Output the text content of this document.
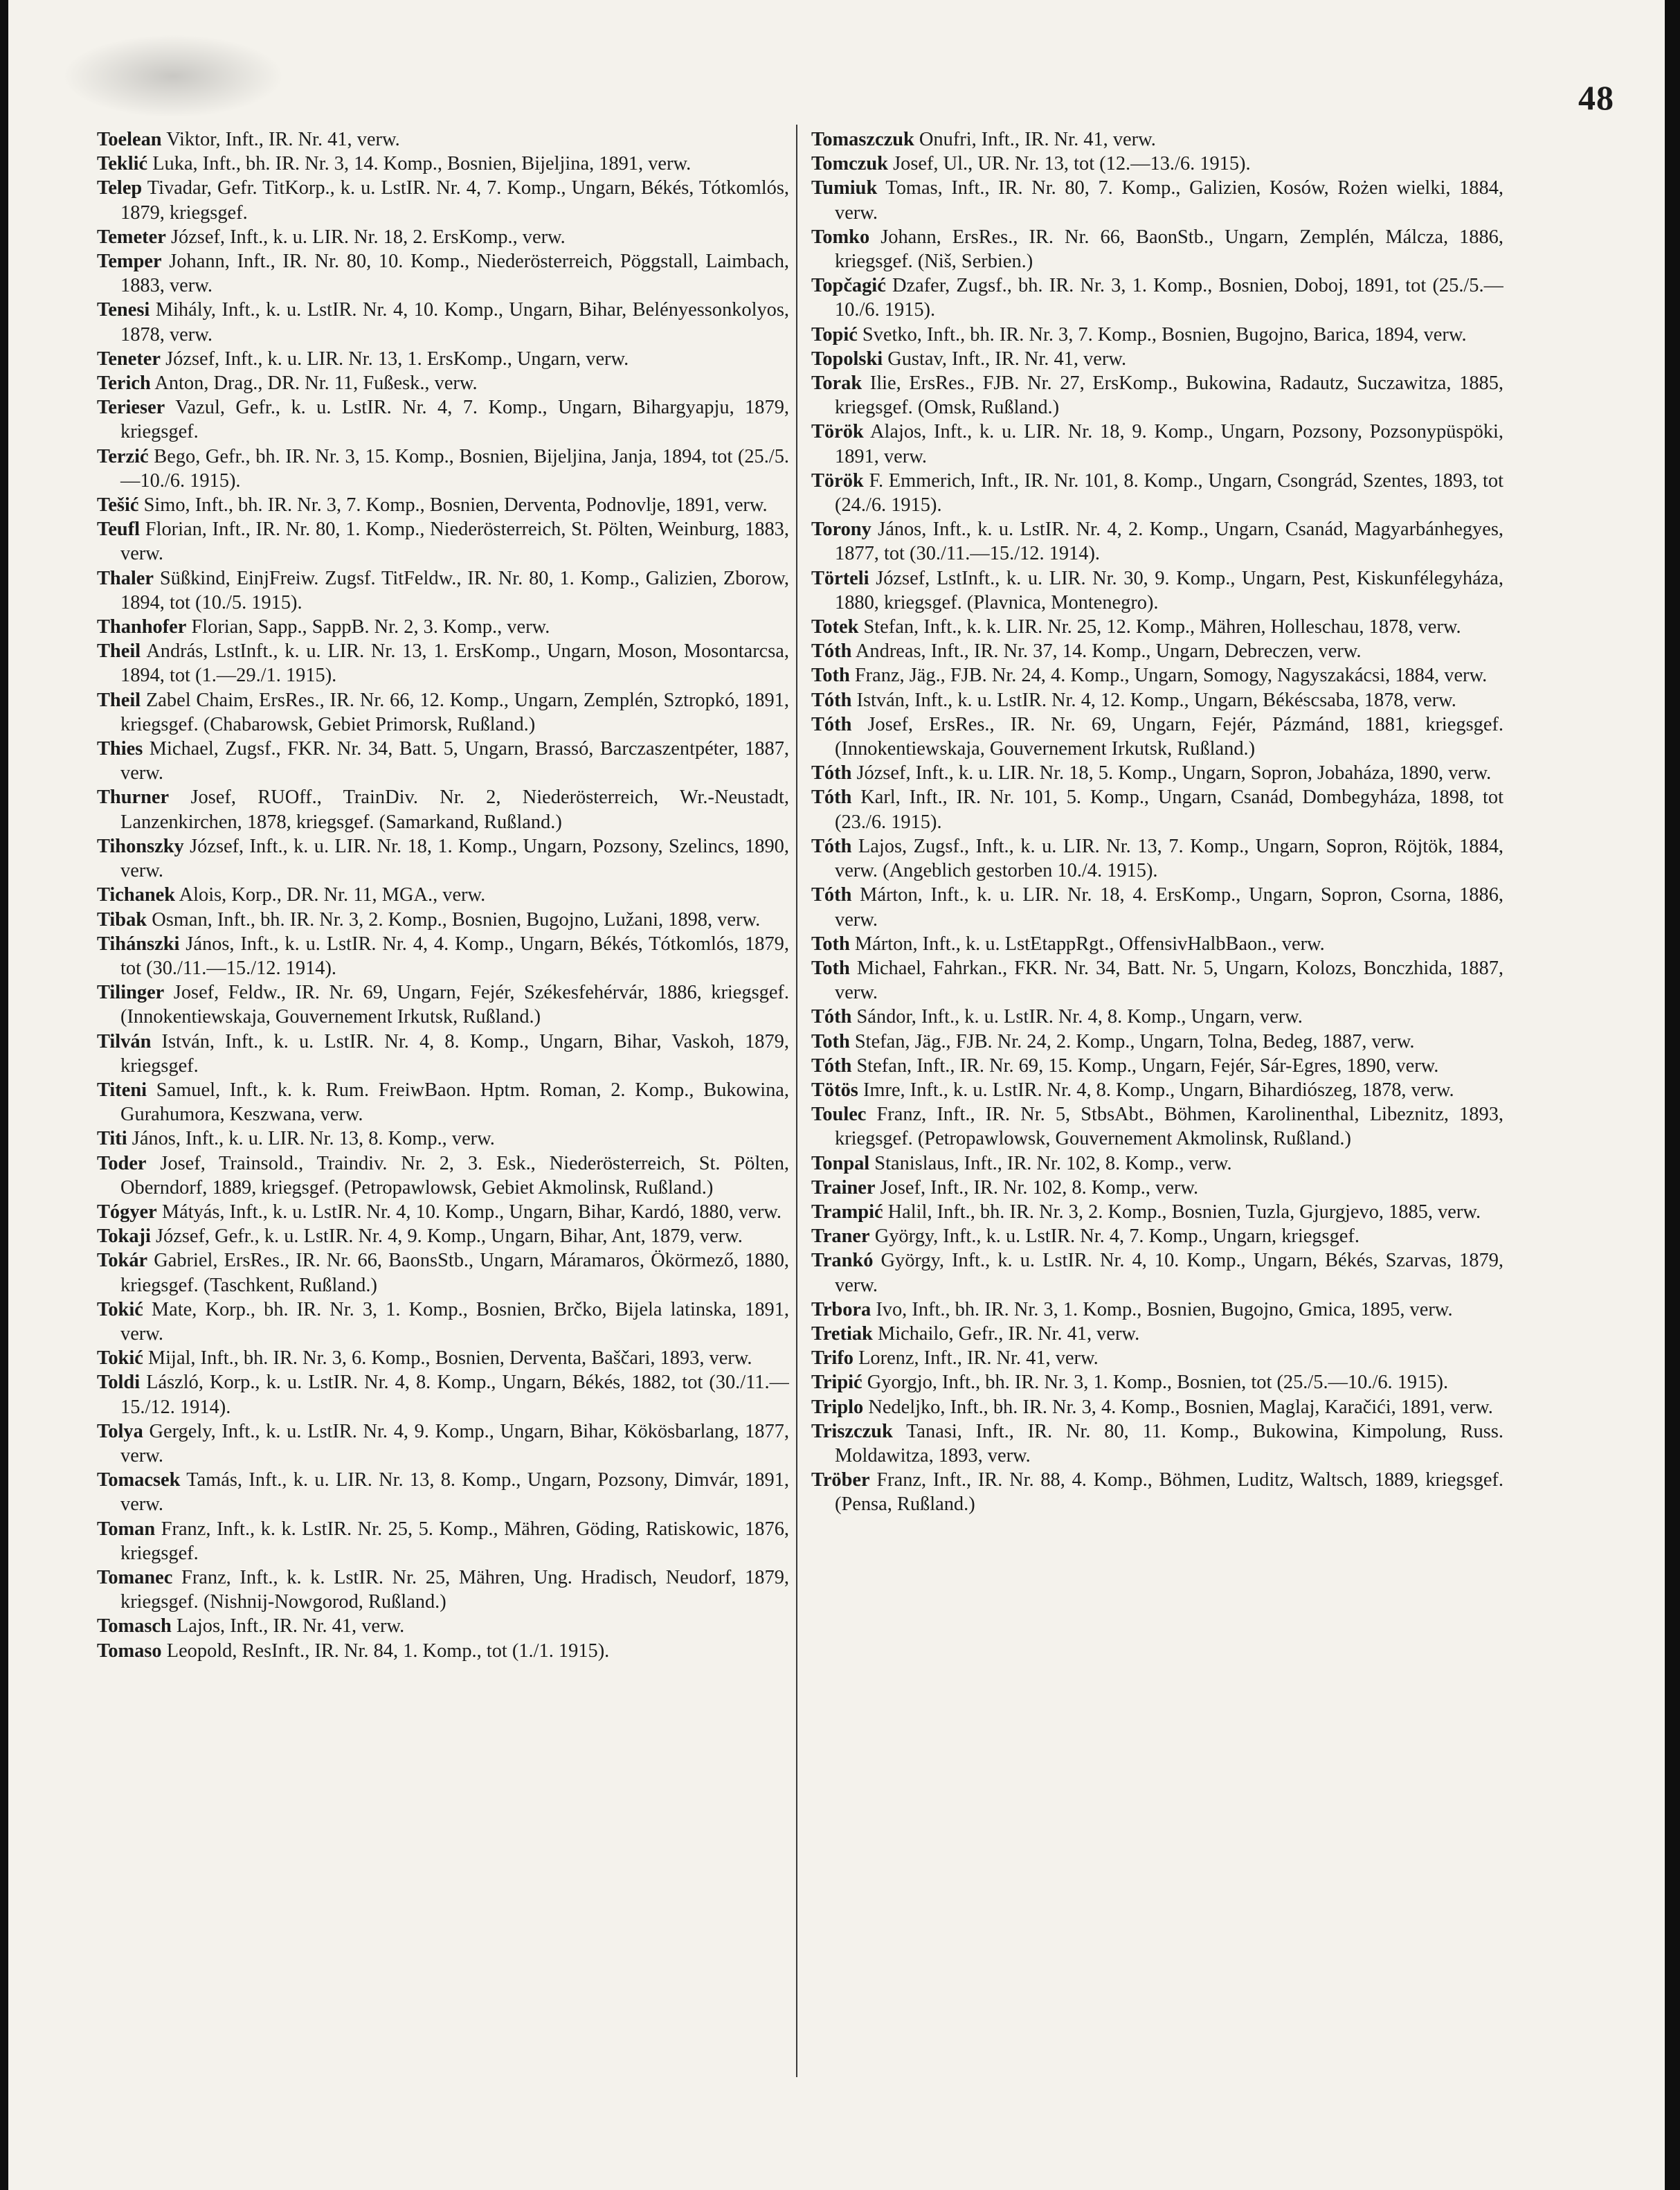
48

Toelean Viktor, Inft., IR. Nr. 41, verw.

Teklić Luka, Inft., bh. IR. Nr. 3, 14. Komp., Bosnien, Bijeljina, 1891, verw.

Telep Tivadar, Gefr. TitKorp., k. u. LstIR. Nr. 4, 7. Komp., Ungarn, Békés, Tótkomlós, 1879, kriegsgef.

Temeter József, Inft., k. u. LIR. Nr. 18, 2. ErsKomp., verw.

Temper Johann, Inft., IR. Nr. 80, 10. Komp., Niederösterreich, Pöggstall, Laimbach, 1883, verw.

Tenesi Mihály, Inft., k. u. LstIR. Nr. 4, 10. Komp., Ungarn, Bihar, Belényessonkolyos, 1878, verw.

Teneter József, Inft., k. u. LIR. Nr. 13, 1. ErsKomp., Ungarn, verw.

Terich Anton, Drag., DR. Nr. 11, Fußesk., verw.

Terieser Vazul, Gefr., k. u. LstIR. Nr. 4, 7. Komp., Ungarn, Bihargyapju, 1879, kriegsgef.

Terzić Bego, Gefr., bh. IR. Nr. 3, 15. Komp., Bosnien, Bijeljina, Janja, 1894, tot (25./5.—10./6. 1915).

Tešić Simo, Inft., bh. IR. Nr. 3, 7. Komp., Bosnien, Derventa, Podnovlje, 1891, verw.

Teufl Florian, Inft., IR. Nr. 80, 1. Komp., Niederösterreich, St. Pölten, Weinburg, 1883, verw.

Thaler Süßkind, EinjFreiw. Zugsf. TitFeldw., IR. Nr. 80, 1. Komp., Galizien, Zborow, 1894, tot (10./5. 1915).

Thanhofer Florian, Sapp., SappB. Nr. 2, 3. Komp., verw.

Theil András, LstInft., k. u. LIR. Nr. 13, 1. ErsKomp., Ungarn, Moson, Mosontarcsa, 1894, tot (1.—29./1. 1915).

Theil Zabel Chaim, ErsRes., IR. Nr. 66, 12. Komp., Ungarn, Zemplén, Sztropkó, 1891, kriegsgef. (Chabarowsk, Gebiet Primorsk, Rußland.)

Thies Michael, Zugsf., FKR. Nr. 34, Batt. 5, Ungarn, Brassó, Barczaszentpéter, 1887, verw.

Thurner Josef, RUOff., TrainDiv. Nr. 2, Niederösterreich, Wr.-Neustadt, Lanzenkirchen, 1878, kriegsgef. (Samarkand, Rußland.)

Tihonszky József, Inft., k. u. LIR. Nr. 18, 1. Komp., Ungarn, Pozsony, Szelincs, 1890, verw.

Tichanek Alois, Korp., DR. Nr. 11, MGA., verw.

Tibak Osman, Inft., bh. IR. Nr. 3, 2. Komp., Bosnien, Bugojno, Lužani, 1898, verw.

Tihánszki János, Inft., k. u. LstIR. Nr. 4, 4. Komp., Ungarn, Békés, Tótkomlós, 1879, tot (30./11.—15./12. 1914).

Tilinger Josef, Feldw., IR. Nr. 69, Ungarn, Fejér, Székesfehérvár, 1886, kriegsgef. (Innokentiewskaja, Gouvernement Irkutsk, Rußland.)

Tilván István, Inft., k. u. LstIR. Nr. 4, 8. Komp., Ungarn, Bihar, Vaskoh, 1879, kriegsgef.

Titeni Samuel, Inft., k. k. Rum. FreiwBaon. Hptm. Roman, 2. Komp., Bukowina, Gurahumora, Keszwana, verw.

Titi János, Inft., k. u. LIR. Nr. 13, 8. Komp., verw.

Toder Josef, Trainsold., Traindiv. Nr. 2, 3. Esk., Niederösterreich, St. Pölten, Oberndorf, 1889, kriegsgef. (Petropawlowsk, Gebiet Akmolinsk, Rußland.)

Tógyer Mátyás, Inft., k. u. LstIR. Nr. 4, 10. Komp., Ungarn, Bihar, Kardó, 1880, verw.

Tokaji József, Gefr., k. u. LstIR. Nr. 4, 9. Komp., Ungarn, Bihar, Ant, 1879, verw.

Tokár Gabriel, ErsRes., IR. Nr. 66, BaonsStb., Ungarn, Máramaros, Ökörmező, 1880, kriegsgef. (Taschkent, Rußland.)

Tokić Mate, Korp., bh. IR. Nr. 3, 1. Komp., Bosnien, Brčko, Bijela latinska, 1891, verw.

Tokić Mijal, Inft., bh. IR. Nr. 3, 6. Komp., Bosnien, Derventa, Baščari, 1893, verw.

Toldi László, Korp., k. u. LstIR. Nr. 4, 8. Komp., Ungarn, Békés, 1882, tot (30./11.—15./12. 1914).

Tolya Gergely, Inft., k. u. LstIR. Nr. 4, 9. Komp., Ungarn, Bihar, Kökösbarlang, 1877, verw.

Tomacsek Tamás, Inft., k. u. LIR. Nr. 13, 8. Komp., Ungarn, Pozsony, Dimvár, 1891, verw.

Toman Franz, Inft., k. k. LstIR. Nr. 25, 5. Komp., Mähren, Göding, Ratiskowic, 1876, kriegsgef.

Tomanec Franz, Inft., k. k. LstIR. Nr. 25, Mähren, Ung. Hradisch, Neudorf, 1879, kriegsgef. (Nishnij-Nowgorod, Rußland.)

Tomasch Lajos, Inft., IR. Nr. 41, verw.

Tomaso Leopold, ResInft., IR. Nr. 84, 1. Komp., tot (1./1. 1915).

Tomaszczuk Onufri, Inft., IR. Nr. 41, verw.

Tomczuk Josef, Ul., UR. Nr. 13, tot (12.—13./6. 1915).

Tumiuk Tomas, Inft., IR. Nr. 80, 7. Komp., Galizien, Kosów, Rożen wielki, 1884, verw.

Tomko Johann, ErsRes., IR. Nr. 66, BaonStb., Ungarn, Zemplén, Málcza, 1886, kriegsgef. (Niš, Serbien.)

Topčagić Dzafer, Zugsf., bh. IR. Nr. 3, 1. Komp., Bosnien, Doboj, 1891, tot (25./5.—10./6. 1915).

Topić Svetko, Inft., bh. IR. Nr. 3, 7. Komp., Bosnien, Bugojno, Barica, 1894, verw.

Topolski Gustav, Inft., IR. Nr. 41, verw.

Torak Ilie, ErsRes., FJB. Nr. 27, ErsKomp., Bukowina, Radautz, Suczawitza, 1885, kriegsgef. (Omsk, Rußland.)

Török Alajos, Inft., k. u. LIR. Nr. 18, 9. Komp., Ungarn, Pozsony, Pozsonypüspöki, 1891, verw.

Török F. Emmerich, Inft., IR. Nr. 101, 8. Komp., Ungarn, Csongrád, Szentes, 1893, tot (24./6. 1915).

Torony János, Inft., k. u. LstIR. Nr. 4, 2. Komp., Ungarn, Csanád, Magyarbánhegyes, 1877, tot (30./11.—15./12. 1914).

Törteli József, LstInft., k. u. LIR. Nr. 30, 9. Komp., Ungarn, Pest, Kiskunfélegyháza, 1880, kriegsgef. (Plavnica, Montenegro).

Totek Stefan, Inft., k. k. LIR. Nr. 25, 12. Komp., Mähren, Holleschau, 1878, verw.

Tóth Andreas, Inft., IR. Nr. 37, 14. Komp., Ungarn, Debreczen, verw.

Toth Franz, Jäg., FJB. Nr. 24, 4. Komp., Ungarn, Somogy, Nagyszakácsi, 1884, verw.

Tóth István, Inft., k. u. LstIR. Nr. 4, 12. Komp., Ungarn, Békéscsaba, 1878, verw.

Tóth Josef, ErsRes., IR. Nr. 69, Ungarn, Fejér, Pázmánd, 1881, kriegsgef. (Innokentiewskaja, Gouvernement Irkutsk, Rußland.)

Tóth József, Inft., k. u. LIR. Nr. 18, 5. Komp., Ungarn, Sopron, Jobaháza, 1890, verw.

Tóth Karl, Inft., IR. Nr. 101, 5. Komp., Ungarn, Csanád, Dombegyháza, 1898, tot (23./6. 1915).

Tóth Lajos, Zugsf., Inft., k. u. LIR. Nr. 13, 7. Komp., Ungarn, Sopron, Röjtök, 1884, verw. (Angeblich gestorben 10./4. 1915).

Tóth Márton, Inft., k. u. LIR. Nr. 18, 4. ErsKomp., Ungarn, Sopron, Csorna, 1886, verw.

Toth Márton, Inft., k. u. LstEtappRgt., OffensivHalbBaon., verw.

Toth Michael, Fahrkan., FKR. Nr. 34, Batt. Nr. 5, Ungarn, Kolozs, Bonczhida, 1887, verw.

Tóth Sándor, Inft., k. u. LstIR. Nr. 4, 8. Komp., Ungarn, verw.

Toth Stefan, Jäg., FJB. Nr. 24, 2. Komp., Ungarn, Tolna, Bedeg, 1887, verw.

Tóth Stefan, Inft., IR. Nr. 69, 15. Komp., Ungarn, Fejér, Sár-Egres, 1890, verw.

Tötös Imre, Inft., k. u. LstIR. Nr. 4, 8. Komp., Ungarn, Bihardiószeg, 1878, verw.

Toulec Franz, Inft., IR. Nr. 5, StbsAbt., Böhmen, Karolinenthal, Libeznitz, 1893, kriegsgef. (Petropawlowsk, Gouvernement Akmolinsk, Rußland.)

Tonpal Stanislaus, Inft., IR. Nr. 102, 8. Komp., verw.

Trainer Josef, Inft., IR. Nr. 102, 8. Komp., verw.

Trampić Halil, Inft., bh. IR. Nr. 3, 2. Komp., Bosnien, Tuzla, Gjurgjevo, 1885, verw.

Traner György, Inft., k. u. LstIR. Nr. 4, 7. Komp., Ungarn, kriegsgef.

Trankó György, Inft., k. u. LstIR. Nr. 4, 10. Komp., Ungarn, Békés, Szarvas, 1879, verw.

Trbora Ivo, Inft., bh. IR. Nr. 3, 1. Komp., Bosnien, Bugojno, Gmica, 1895, verw.

Tretiak Michailo, Gefr., IR. Nr. 41, verw.

Trifo Lorenz, Inft., IR. Nr. 41, verw.

Tripić Gyorgjo, Inft., bh. IR. Nr. 3, 1. Komp., Bosnien, tot (25./5.—10./6. 1915).

Triplo Nedeljko, Inft., bh. IR. Nr. 3, 4. Komp., Bosnien, Maglaj, Karačići, 1891, verw.

Triszczuk Tanasi, Inft., IR. Nr. 80, 11. Komp., Bukowina, Kimpolung, Russ. Moldawitza, 1893, verw.

Tröber Franz, Inft., IR. Nr. 88, 4. Komp., Böhmen, Luditz, Waltsch, 1889, kriegsgef. (Pensa, Rußland.)
